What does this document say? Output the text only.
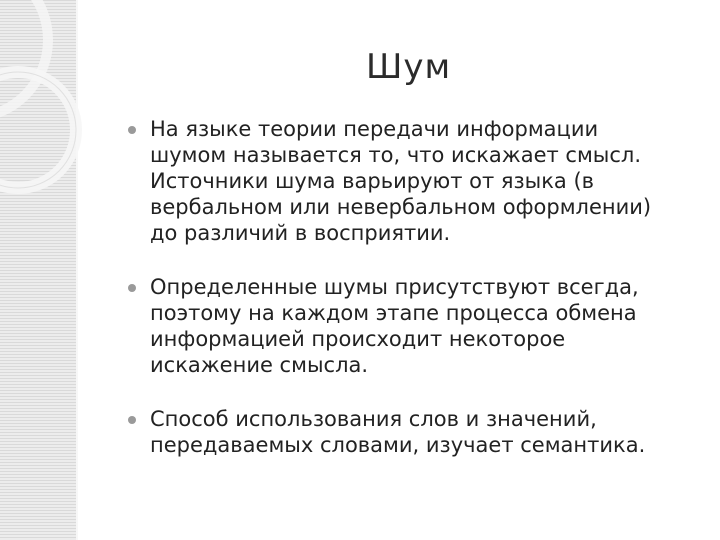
Шум
На языке теории передачи информации
шумом называется то, что искажает смысл.
Источники шума варьируют от языка (в
вербальном или невербальном оформлении)
до различий в восприятии.
Определенные шумы присутствуют всегда,
поэтому на каждом этапе процесса обмена
информацией происходит некоторое
искажение смысла.
Способ использования слов и значений,
передаваемых словами, изучает семантика.
